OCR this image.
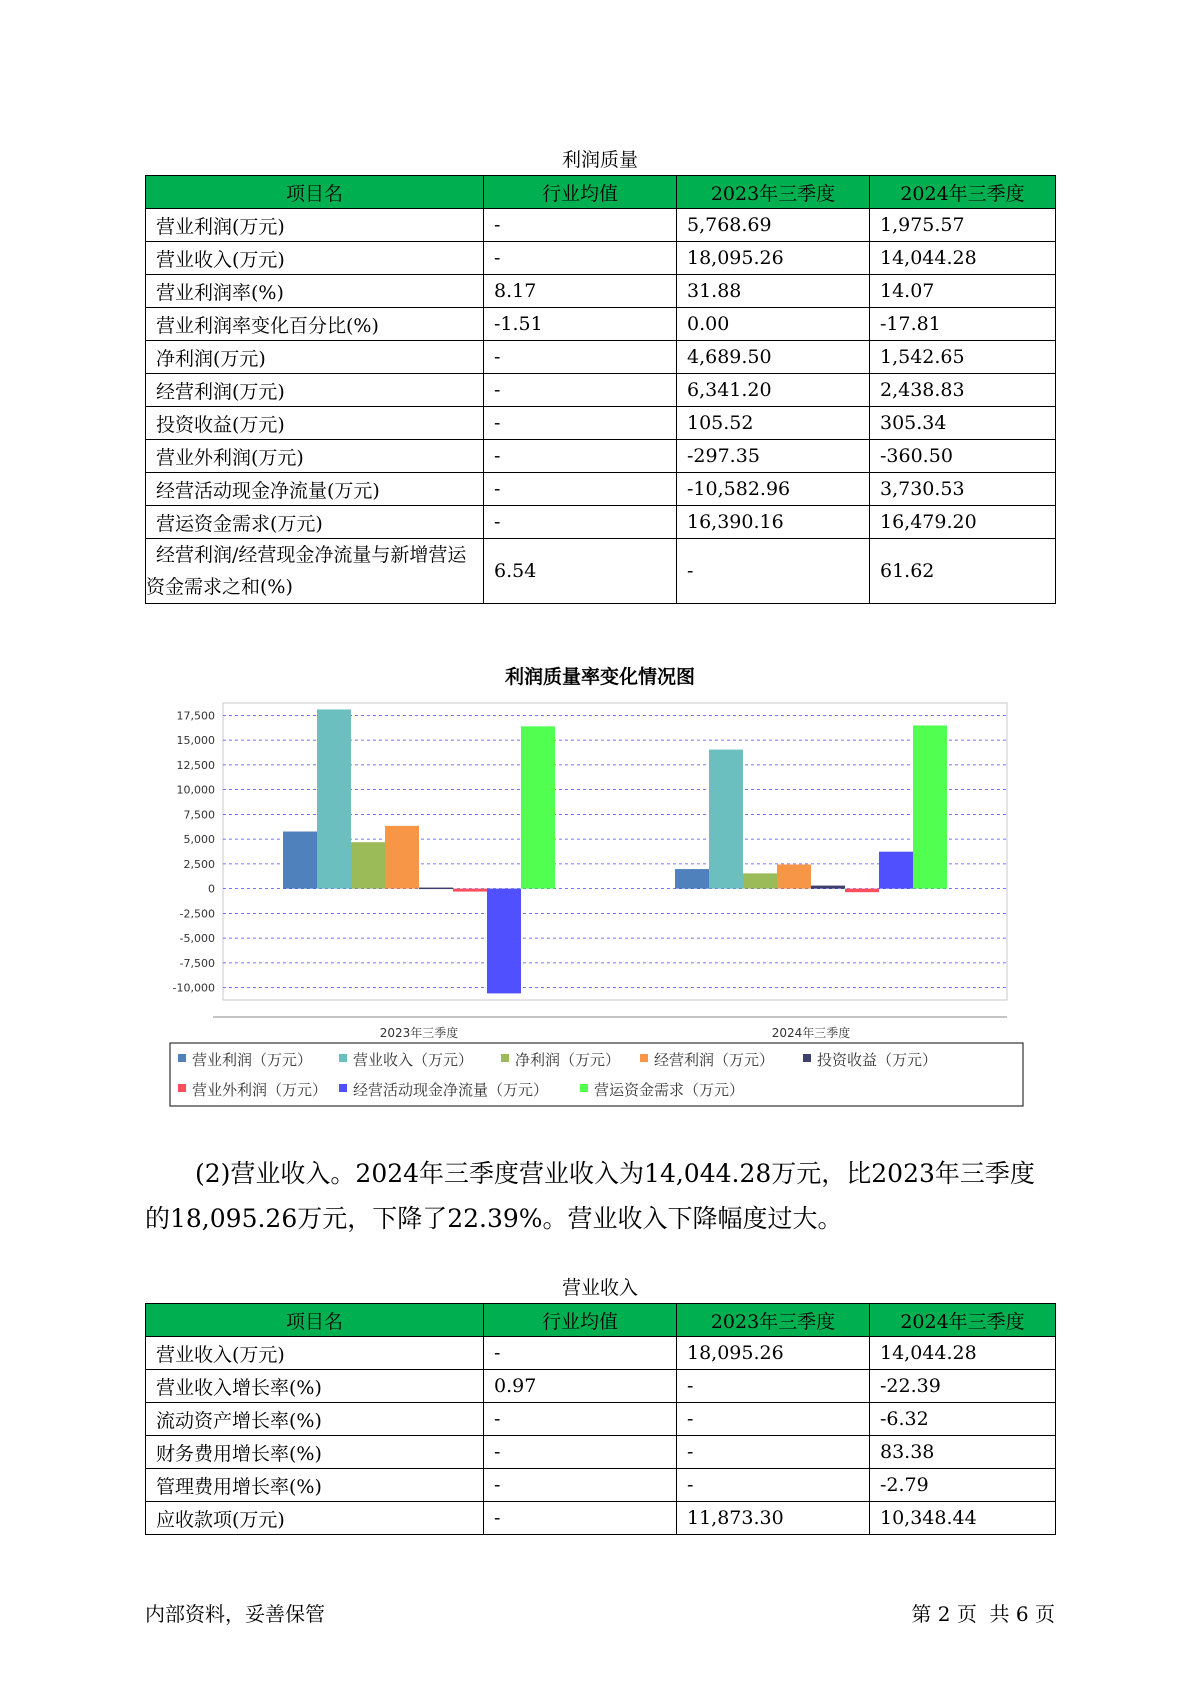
利润质量
项目名	行业均值	2023年三季度	2024年三季度
营业利润(万元)	-	5,768.69	1,975.57
营业收入(万元)	-	18,095.26	14,044.28
营业利润率(%)	8.17	31.88	14.07
营业利润率变化百分比(%)	-1.51	0.00	-17.81
净利润(万元)	-	4,689.50	1,542.65
经营利润(万元)	-	6,341.20	2,438.83
投资收益(万元)	-	105.52	305.34
营业外利润(万元)	-	-297.35	-360.50
经营活动现金净流量(万元)	-	-10,582.96	3,730.53
营运资金需求(万元)	-	16,390.16	16,479.20
经营利润/经营现金净流量与新增营运资金需求之和(%)	6.54	-	61.62
利润质量率变化情况图
17,500
15,000
12,500
10,000
7,500
5,000
2,500
0
-2,500
-5,000
-7,500
-10,000
2023年三季度	2024年三季度
营业利润（万元）	营业收入（万元）	净利润（万元） 经营利润（万元）	投资收益（万元）
营业外利润（万元） 经营活动现金净流量（万元）	营运资金需求（万元）

(2)营业收入。2024年三季度营业收入为14,044.28万元，比2023年三季度的18,095.26万元，下降了22.39%。营业收入下降幅度过大。

营业收入
项目名	行业均值	2023年三季度	2024年三季度
营业收入(万元)	-	18,095.26	14,044.28
营业收入增长率(%)	0.97	-	-22.39
流动资产增长率(%)	-	-	-6.32
财务费用增长率(%)	-	-	83.38
管理费用增长率(%)	-	-	-2.79
应收款项(万元)	-	11,873.30	10,348.44
内部资料，妥善保管	第 2 页  共 6 页
